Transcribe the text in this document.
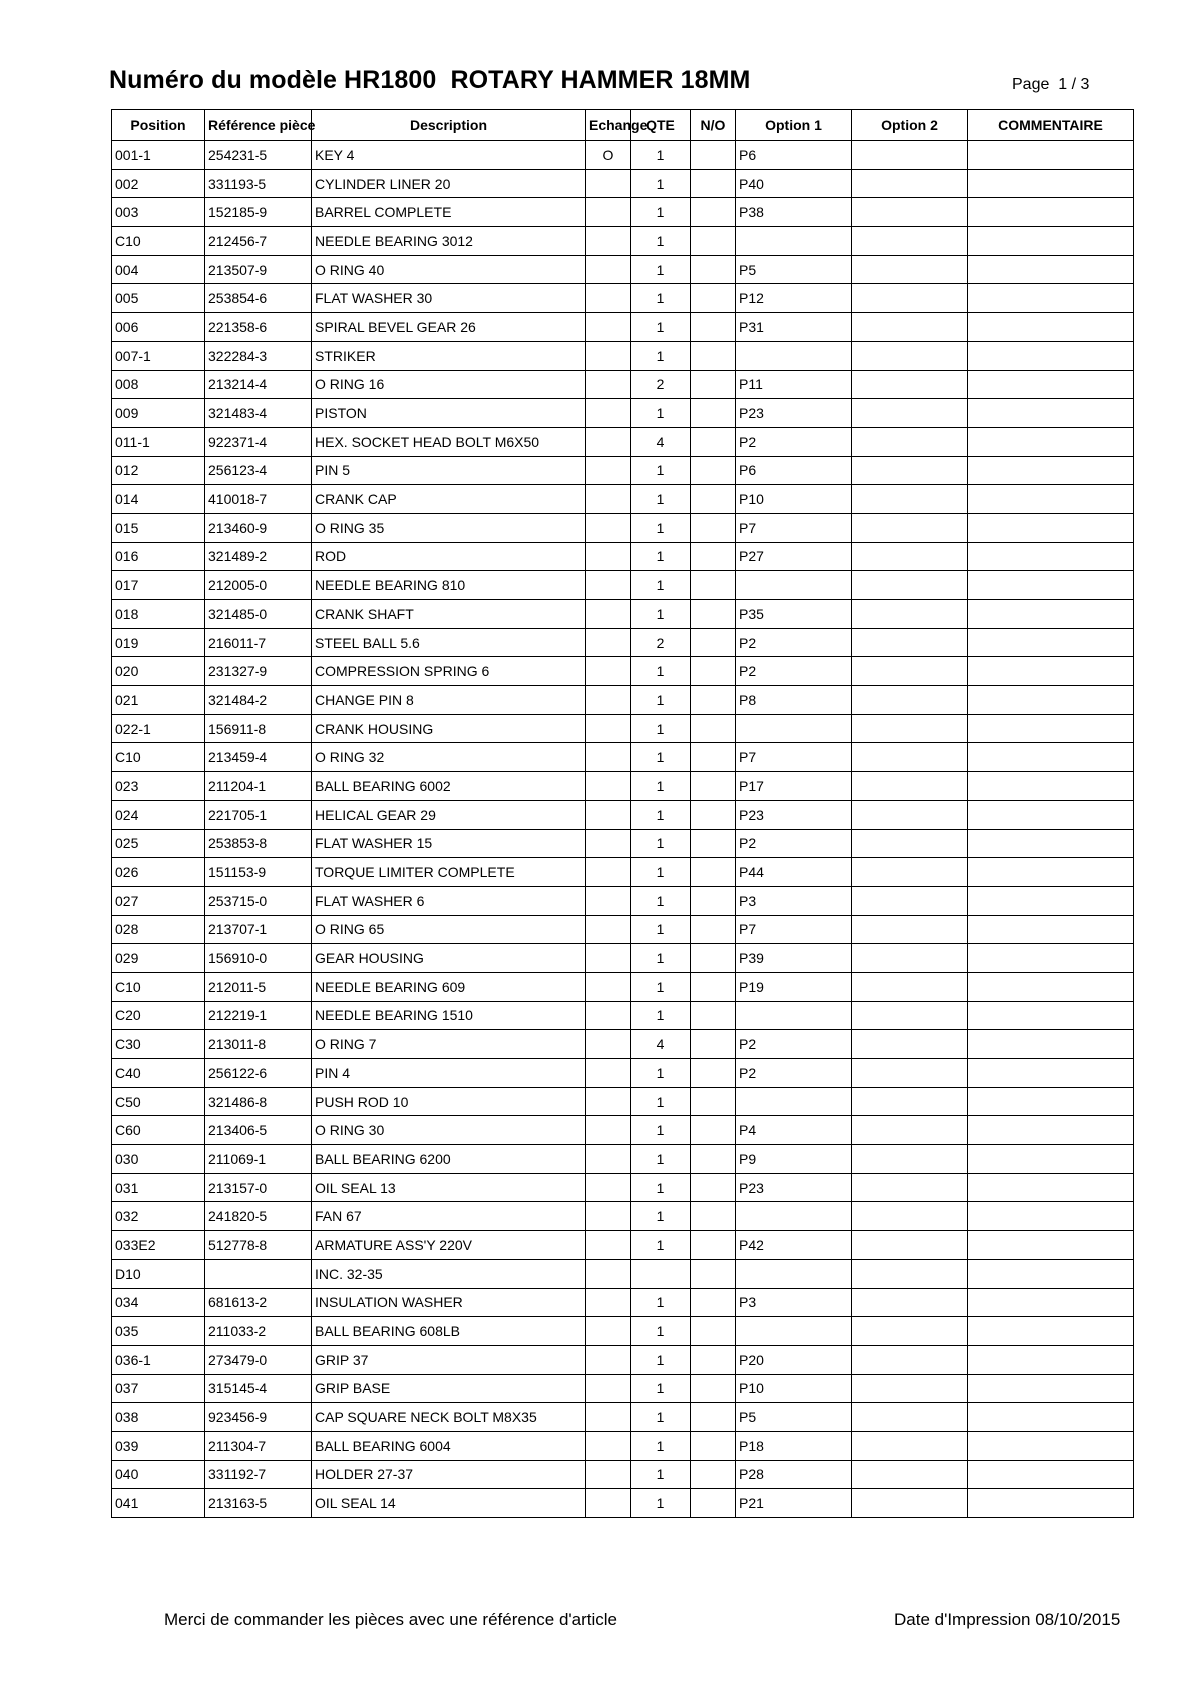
Numéro du modèle HR1800  ROTARY HAMMER 18MM	Page  1 / 3
Position	Référence pièce	Description	Echange	QTE	N/O	Option 1	Option 2	COMMENTAIRE
001-1	254231-5	KEY 4	O	1		P6		
002	331193-5	CYLINDER LINER 20		1		P40		
003	152185-9	BARREL COMPLETE		1		P38		
C10	212456-7	NEEDLE BEARING 3012		1				
004	213507-9	O RING 40		1		P5		
005	253854-6	FLAT WASHER 30		1		P12		
006	221358-6	SPIRAL BEVEL GEAR 26		1		P31		
007-1	322284-3	STRIKER		1				
008	213214-4	O RING 16		2		P11		
009	321483-4	PISTON		1		P23		
011-1	922371-4	HEX. SOCKET HEAD BOLT M6X50		4		P2		
012	256123-4	PIN 5		1		P6		
014	410018-7	CRANK CAP		1		P10		
015	213460-9	O RING 35		1		P7		
016	321489-2	ROD		1		P27		
017	212005-0	NEEDLE BEARING 810		1				
018	321485-0	CRANK SHAFT		1		P35		
019	216011-7	STEEL BALL 5.6		2		P2		
020	231327-9	COMPRESSION SPRING 6		1		P2		
021	321484-2	CHANGE PIN 8		1		P8		
022-1	156911-8	CRANK HOUSING		1				
C10	213459-4	O RING 32		1		P7		
023	211204-1	BALL BEARING 6002		1		P17		
024	221705-1	HELICAL GEAR 29		1		P23		
025	253853-8	FLAT WASHER 15		1		P2		
026	151153-9	TORQUE LIMITER COMPLETE		1		P44		
027	253715-0	FLAT WASHER 6		1		P3		
028	213707-1	O RING 65		1		P7		
029	156910-0	GEAR HOUSING		1		P39		
C10	212011-5	NEEDLE BEARING 609		1		P19		
C20	212219-1	NEEDLE BEARING 1510		1				
C30	213011-8	O RING 7		4		P2		
C40	256122-6	PIN 4		1		P2		
C50	321486-8	PUSH ROD 10		1				
C60	213406-5	O RING 30		1		P4		
030	211069-1	BALL BEARING 6200		1		P9		
031	213157-0	OIL SEAL 13		1		P23		
032	241820-5	FAN 67		1				
033E2	512778-8	ARMATURE ASS'Y 220V		1		P42		
D10		INC. 32-35						
034	681613-2	INSULATION WASHER		1		P3		
035	211033-2	BALL BEARING 608LB		1				
036-1	273479-0	GRIP 37		1		P20		
037	315145-4	GRIP BASE		1		P10		
038	923456-9	CAP SQUARE NECK BOLT M8X35		1		P5		
039	211304-7	BALL BEARING 6004		1		P18		
040	331192-7	HOLDER 27-37		1		P28		
041	213163-5	OIL SEAL 14		1		P21		
Merci de commander les pièces avec une référence d'article	Date d'Impression 08/10/2015
